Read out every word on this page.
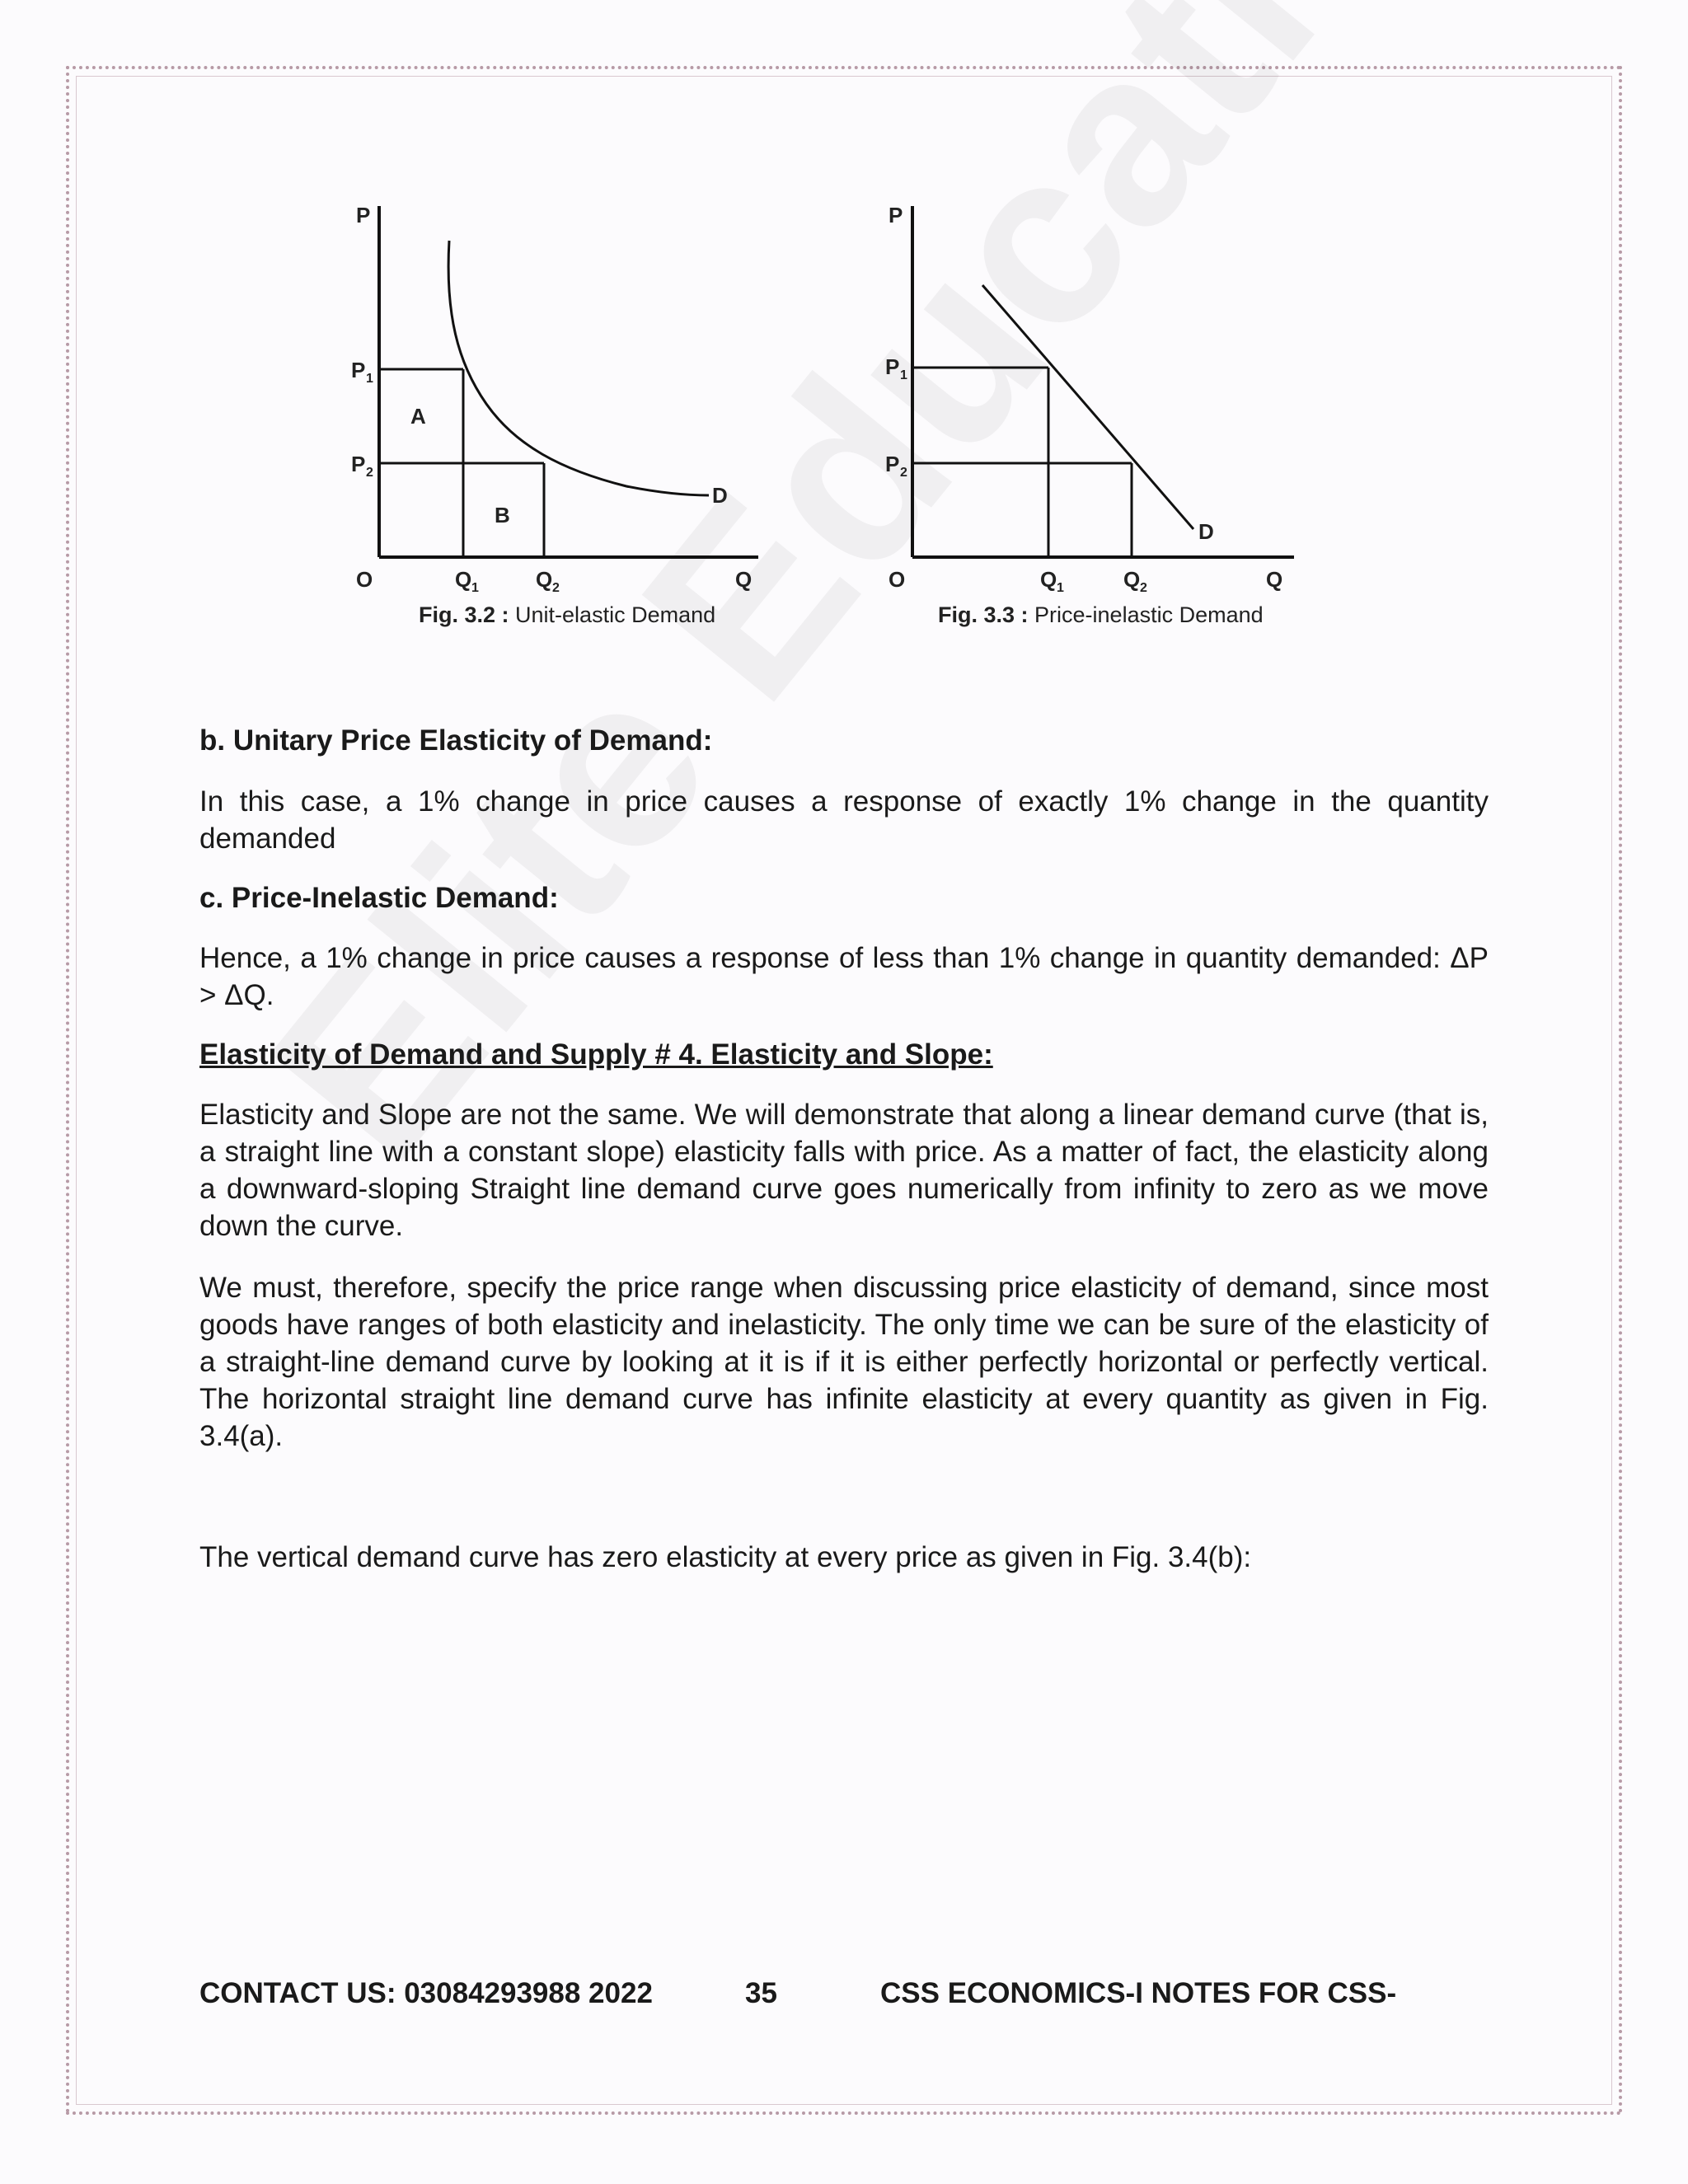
P
P 1
P 2
A
B
D
O	Q 1	Q 2	Q
Fig. 3.2 : Unit-elastic Demand
P
P 1
P 2
D
O	Q 1	Q 2	Q
Fig. 3.3 : Price-inelastic Demand
b. Unitary Price Elasticity of Demand:

In this case, a 1% change in price causes a response of exactly 1% change in the quantity demanded

c. Price-Inelastic Demand:

Hence, a 1% change in price causes a response of less than 1% change in quantity demanded: ΔP > ΔQ.

Elasticity of Demand and Supply # 4. Elasticity and Slope:

Elasticity and Slope are not the same. We will demonstrate that along a linear demand curve (that is, a straight line with a constant slope) elasticity falls with price. As a matter of fact, the elasticity along a downward-sloping Straight line demand curve goes numerically from infinity to zero as we move down the curve.

We must, therefore, specify the price range when discussing price elasticity of demand, since most goods have ranges of both elasticity and inelasticity. The only time we can be sure of the elasticity of a straight-line demand curve by looking at it is if it is either perfectly horizontal or perfectly vertical. The horizontal straight line demand curve has infinite elasticity at every quantity as given in Fig. 3.4(a).

The vertical demand curve has zero elasticity at every price as given in Fig. 3.4(b):

CONTACT US: 03084293988 2022	35	CSS ECONOMICS-I NOTES FOR CSS-
